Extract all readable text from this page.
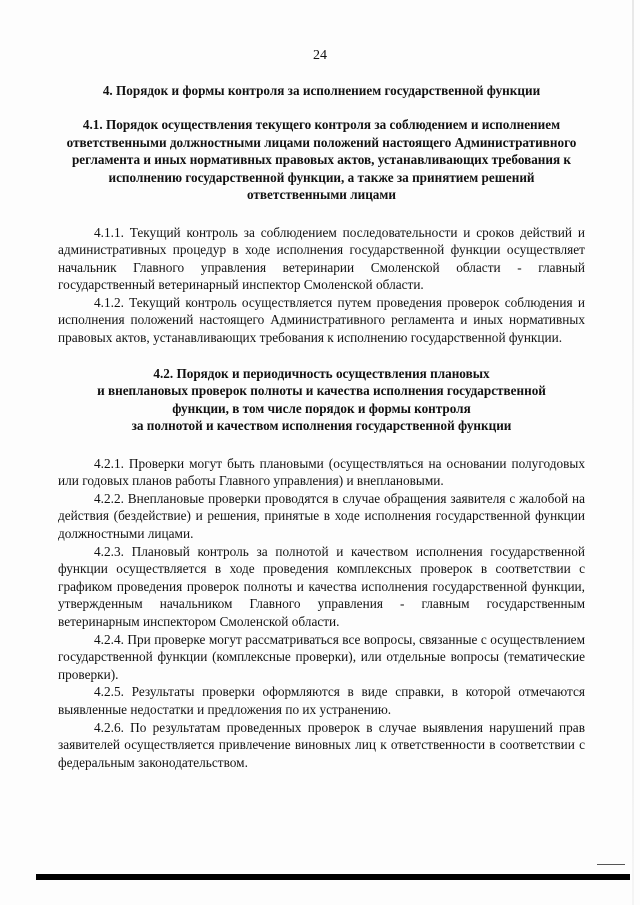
24
4. Порядок и формы контроля за исполнением государственной функции
4.1. Порядок осуществления текущего контроля за соблюдением и исполнением ответственными должностными лицами положений настоящего Административного регламента и иных нормативных правовых актов, устанавливающих требования к исполнению государственной функции, а также за принятием решений ответственными лицами

4.1.1. Текущий контроль за соблюдением последовательности и сроков действий и административных процедур в ходе исполнения государственной функции осуществляет начальник Главного управления ветеринарии Смоленской области - главный государственный ветеринарный инспектор Смоленской области.

4.1.2. Текущий контроль осуществляется путем проведения проверок соблюдения и исполнения положений настоящего Административного регламента и иных нормативных правовых актов, устанавливающих требования к исполнению государственной функции.

4.2. Порядок и периодичность осуществления плановых
и внеплановых проверок полноты и качества исполнения государственной
функции, в том числе порядок и формы контроля
за полнотой и качеством исполнения государственной функции

4.2.1. Проверки могут быть плановыми (осуществляться на основании полугодовых или годовых планов работы Главного управления) и внеплановыми.

4.2.2. Внеплановые проверки проводятся в случае обращения заявителя с жалобой на действия (бездействие) и решения, принятые в ходе исполнения государственной функции должностными лицами.

4.2.3. Плановый контроль за полнотой и качеством исполнения государственной функции осуществляется в ходе проведения комплексных проверок в соответствии с графиком проведения проверок полноты и качества исполнения государственной функции, утвержденным начальником Главного управления - главным государственным ветеринарным инспектором Смоленской области.

4.2.4. При проверке могут рассматриваться все вопросы, связанные с осуществлением государственной функции (комплексные проверки), или отдельные вопросы (тематические проверки).

4.2.5. Результаты проверки оформляются в виде справки, в которой отмечаются выявленные недостатки и предложения по их устранению.

4.2.6. По результатам проведенных проверок в случае выявления нарушений прав заявителей осуществляется привлечение виновных лиц к ответственности в соответствии с федеральным законодательством.
